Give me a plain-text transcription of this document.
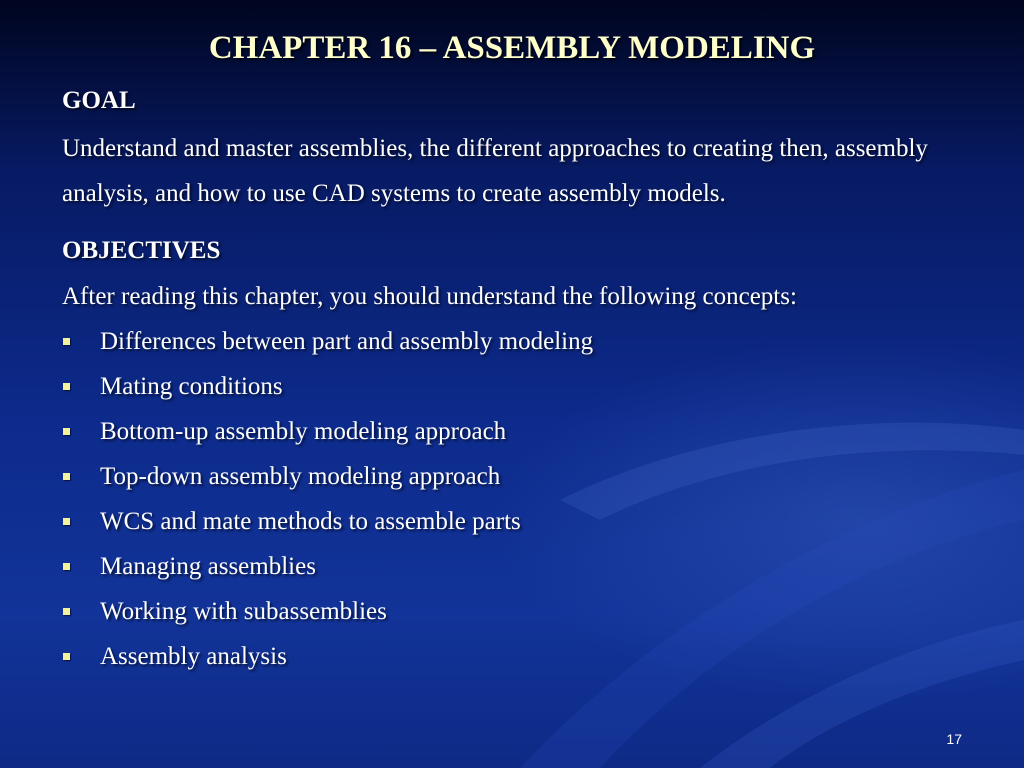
CHAPTER 16 – ASSEMBLY MODELING
GOAL
Understand and master assemblies, the different approaches to creating then, assembly analysis, and how to use CAD systems to create assembly models.
OBJECTIVES
After reading this chapter, you should understand the following concepts:
Differences between part and assembly modeling
Mating conditions
Bottom-up assembly modeling approach
Top-down assembly modeling approach
WCS and mate methods to assemble parts
Managing assemblies
Working with subassemblies
Assembly analysis
17
